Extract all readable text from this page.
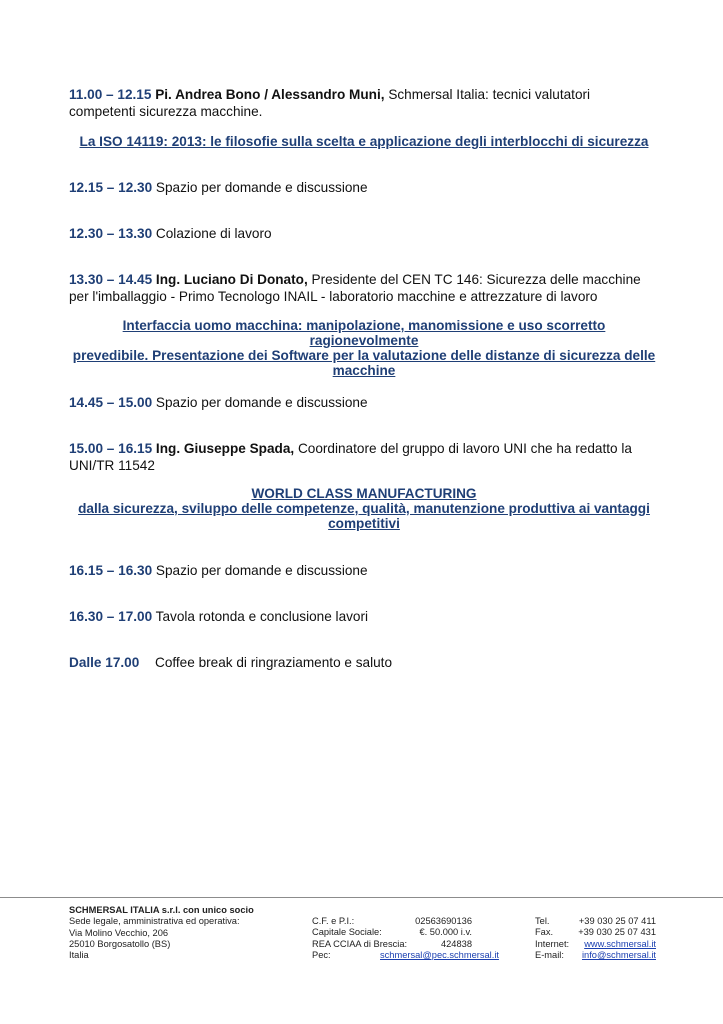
11.00 – 12.15 Pi. Andrea Bono / Alessandro Muni, Schmersal Italia: tecnici valutatori competenti sicurezza macchine.
La ISO 14119: 2013: le filosofie sulla scelta e applicazione degli interblocchi di sicurezza
12.15 – 12.30 Spazio per domande e discussione
12.30 – 13.30 Colazione di lavoro
13.30 – 14.45 Ing. Luciano Di Donato, Presidente del CEN TC 146: Sicurezza delle macchine per l'imballaggio - Primo Tecnologo INAIL - laboratorio macchine e attrezzature di lavoro
Interfaccia uomo macchina: manipolazione, manomissione e uso scorretto ragionevolmente
prevedibile. Presentazione dei Software per la valutazione delle distanze di sicurezza delle
macchine
14.45 – 15.00 Spazio per domande e discussione
15.00 – 16.15 Ing. Giuseppe Spada, Coordinatore del gruppo di lavoro UNI che ha redatto la UNI/TR 11542
WORLD CLASS MANUFACTURING
dalla sicurezza, sviluppo delle competenze, qualità, manutenzione produttiva ai vantaggi
competitivi
16.15 – 16.30 Spazio per domande e discussione
16.30 – 17.00 Tavola rotonda e conclusione lavori
Dalle 17.00 Coffee break di ringraziamento e saluto
SCHMERSAL ITALIA s.r.l. con unico socio
Sede legale, amministrativa ed operativa:
Via Molino Vecchio, 206
25010 Borgosatollo (BS)
Italia
C.F. e P.I.:
Capitale Sociale:
REA CCIAA di Brescia:
Pec:
02563690136
€. 50.000 i.v.
424838
schmersal@pec.schmersal.it
Tel.
Fax.
Internet:
E-mail:
+39 030 25 07 411
+39 030 25 07 431
www.schmersal.it
info@schmersal.it
